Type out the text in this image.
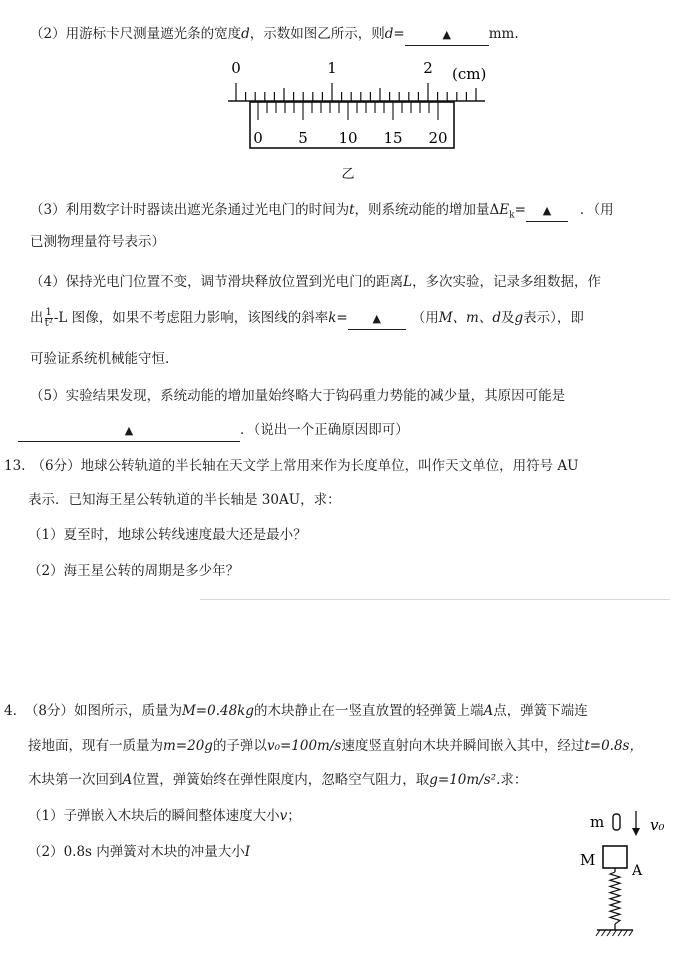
（2）用游标卡尺测量遮光条的宽度d，示数如图乙所示，则d=	▲	mm.
0	1	2 (cm)
0 5 10 15 20
乙
（3）利用数字计时器读出遮光条通过光电门的时间为t，则系统动能的增加量$\Delta E_k=$ ▲ ．（用
已测物理量符号表示）
（4）保持光电门位置不变，调节滑块释放位置到光电门的距离L，多次实验，记录多组数据，作
出 $\frac{1}{\text{t²}} -L$ 图像，如果不考虑阻力影响，该图线的斜率k= ▲ （用M、m、d及g表示），即
可验证系统机械能守恒.
（5）实验结果发现，系统动能的增加量始终略大于钩码重力势能的减少量，其原因可能是
▲	．（说出一个正确原因即可）
13. （6分）地球公转轨道的半长轴在天文学上常用来作为长度单位，叫作天文单位，用符号 AU
表示．已知海王星公转轨道的半长轴是 30AU，求：
（1）夏至时，地球公转线速度最大还是最小？
（2）海王星公转的周期是多少年？
4. （8分）如图所示，质量为M=0.48kg的木块静止在一竖直放置的轻弹簧上端A点，弹簧下端连
接地面，现有一质量为m=20g的子弹以v₀=100m/s速度竖直射向木块并瞬间嵌入其中，经过t=0.8s，
木块第一次回到A位置，弹簧始终在弹性限度内，忽略空气阻力，取g=10m/s².求：
（1）子弹嵌入木块后的瞬间整体速度大小v；
（2）0.8s 内弹簧对木块的冲量大小I
m	v₀
M
A
